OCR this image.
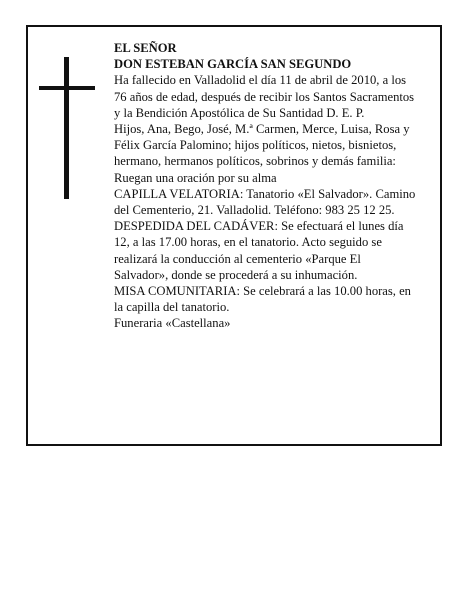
EL SEÑOR

DON ESTEBAN GARCÍA SAN SEGUNDO

Ha fallecido en Valladolid el día 11 de abril de 2010, a los 76 años de edad, después de recibir los Santos Sacramentos y la Bendición Apostólica de Su Santidad D. E. P.

Hijos, Ana, Bego, José, M.ª Carmen, Merce, Luisa, Rosa y Félix García Palomino; hijos políticos, nietos, bisnietos, hermano, hermanos políticos, sobrinos y demás familia:

Ruegan una oración por su alma

CAPILLA VELATORIA: Tanatorio «El Salvador». Camino del Cementerio, 21. Valladolid. Teléfono: 983 25 12 25.

DESPEDIDA DEL CADÁVER: Se efectuará el lunes día 12, a las 17.00 horas, en el tanatorio. Acto seguido se realizará la conducción al cementerio «Parque El Salvador», donde se procederá a su inhumación.

MISA COMUNITARIA: Se celebrará a las 10.00 horas, en la capilla del tanatorio.

Funeraria «Castellana»
